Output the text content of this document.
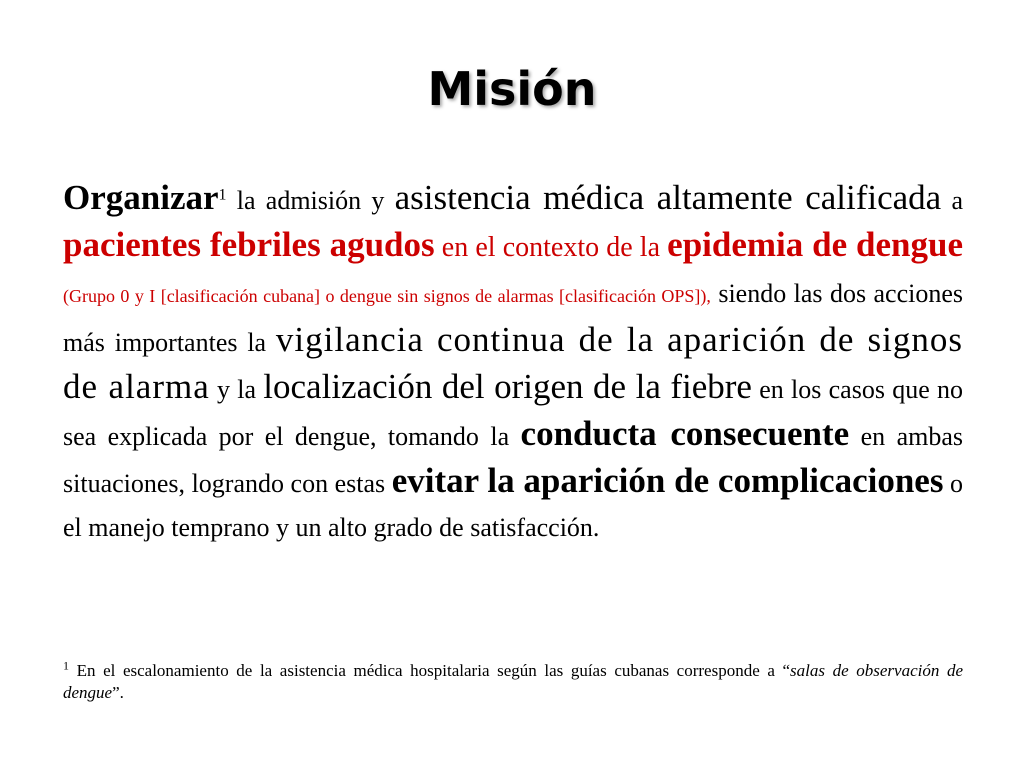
Misión

Organizar$^1$ la admisión y asistencia médica altamente calificada a pacientes febriles agudos en el contexto de la epidemia de dengue (Grupo 0 y I [clasificación cubana] o dengue sin signos de alarmas [clasificación OPS]), siendo las dos acciones más importantes la vigilancia continua de la aparición de signos de alarma y la localización del origen de la fiebre en los casos que no sea explicada por el dengue, tomando la conducta consecuente en ambas situaciones, logrando con estas evitar la aparición de complicaciones o el manejo temprano y un alto grado de satisfacción.

$^1$ En el escalonamiento de la asistencia médica hospitalaria según las guías cubanas corresponde a “salas de observación de dengue”.
